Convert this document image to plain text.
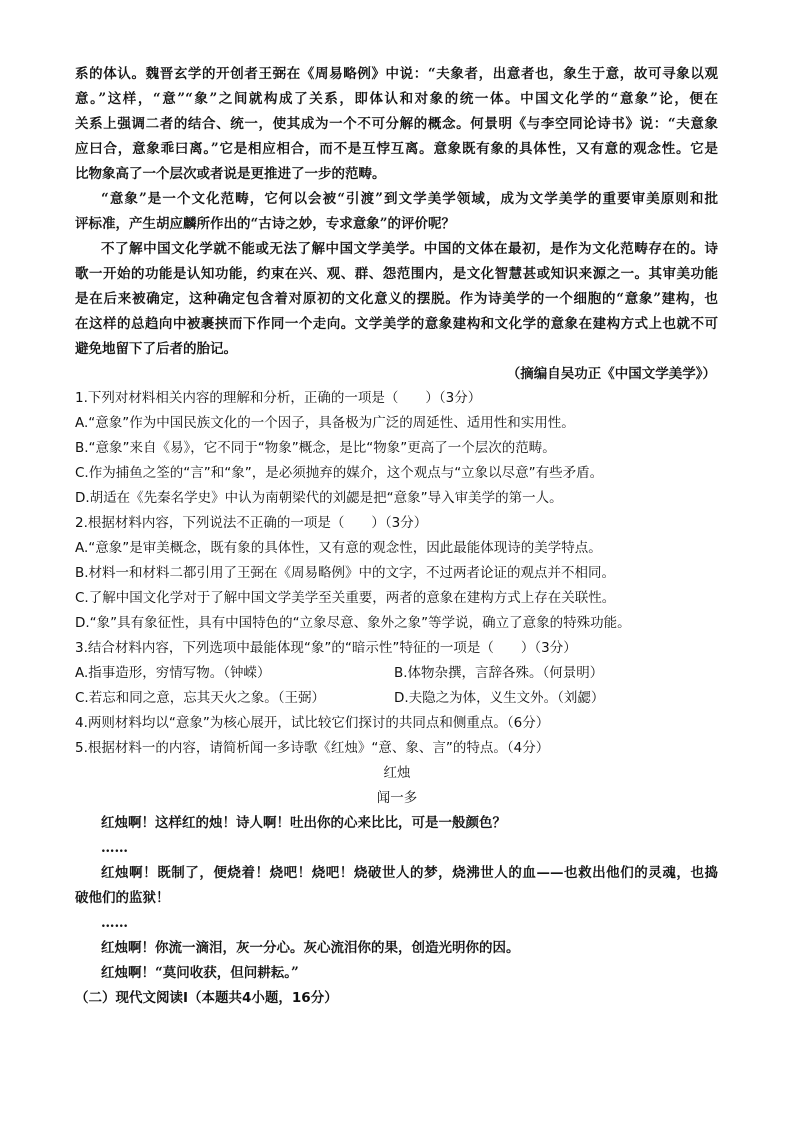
系的体认。魏晋玄学的开创者王弼在《周易略例》中说：“夫象者，出意者也，象生于意，故可寻象以观
意。”这样，“意”“象”之间就构成了关系，即体认和对象的统一体。中国文化学的“意象”论，便在
关系上强调二者的结合、统一，使其成为一个不可分解的概念。何景明《与李空同论诗书》说：“夫意象
应曰合，意象乖曰离。”它是相应相合，而不是互悖互离。意象既有象的具体性，又有意的观念性。它是
比物象高了一个层次或者说是更推进了一步的范畴。
“意象”是一个文化范畴，它何以会被“引渡”到文学美学领域，成为文学美学的重要审美原则和批
评标准，产生胡应麟所作出的“古诗之妙，专求意象”的评价呢？
不了解中国文化学就不能或无法了解中国文学美学。中国的文体在最初，是作为文化范畴存在的。诗
歌一开始的功能是认知功能，约束在兴、观、群、怨范围内，是文化智慧甚或知识来源之一。其审美功能
是在后来被确定，这种确定包含着对原初的文化意义的摆脱。作为诗美学的一个细胞的“意象”建构，也
在这样的总趋向中被裹挟而下作同一个走向。文学美学的意象建构和文化学的意象在建构方式上也就不可
避免地留下了后者的胎记。
（摘编自吴功正《中国文学美学》）
1.下列对材料相关内容的理解和分析，正确的一项是（　　）（3分）
A.“意象”作为中国民族文化的一个因子，具备极为广泛的周延性、适用性和实用性。
B.“意象”来自《易》，它不同于“物象”概念，是比“物象”更高了一个层次的范畴。
C.作为捕鱼之筌的“言”和“象”，是必须抛弃的媒介，这个观点与“立象以尽意”有些矛盾。
D.胡适在《先秦名学史》中认为南朝梁代的刘勰是把“意象”导入审美学的第一人。
2.根据材料内容，下列说法不正确的一项是（　　）（3分）
A.“意象”是审美概念，既有象的具体性，又有意的观念性，因此最能体现诗的美学特点。
B.材料一和材料二都引用了王弼在《周易略例》中的文字，不过两者论证的观点并不相同。
C.了解中国文化学对于了解中国文学美学至关重要，两者的意象在建构方式上存在关联性。
D.“象”具有象征性，具有中国特色的“立象尽意、象外之象”等学说，确立了意象的特殊功能。
3.结合材料内容，下列选项中最能体现“象”的“暗示性”特征的一项是（　　）（3分）
A.指事造形，穷情写物。（钟嵘）	B.体物杂撰，言辞各殊。（何景明）
C.若忘和同之意，忘其天火之象。（王弼）	D.夫隐之为体，义生文外。（刘勰）
4.两则材料均以“意象”为核心展开，试比较它们探讨的共同点和侧重点。（6分）
5.根据材料一的内容，请简析闻一多诗歌《红烛》“意、象、言”的特点。（4分）
红烛
闻一多
红烛啊！这样红的烛！诗人啊！吐出你的心来比比，可是一般颜色？
……
红烛啊！既制了，便烧着！烧吧！烧吧！烧破世人的梦，烧沸世人的血——也救出他们的灵魂，也捣
破他们的监狱！
……
红烛啊！你流一滴泪，灰一分心。灰心流泪你的果，创造光明你的因。
红烛啊！“莫问收获，但问耕耘。”
（二）现代文阅读Ⅰ（本题共4小题，16分）
